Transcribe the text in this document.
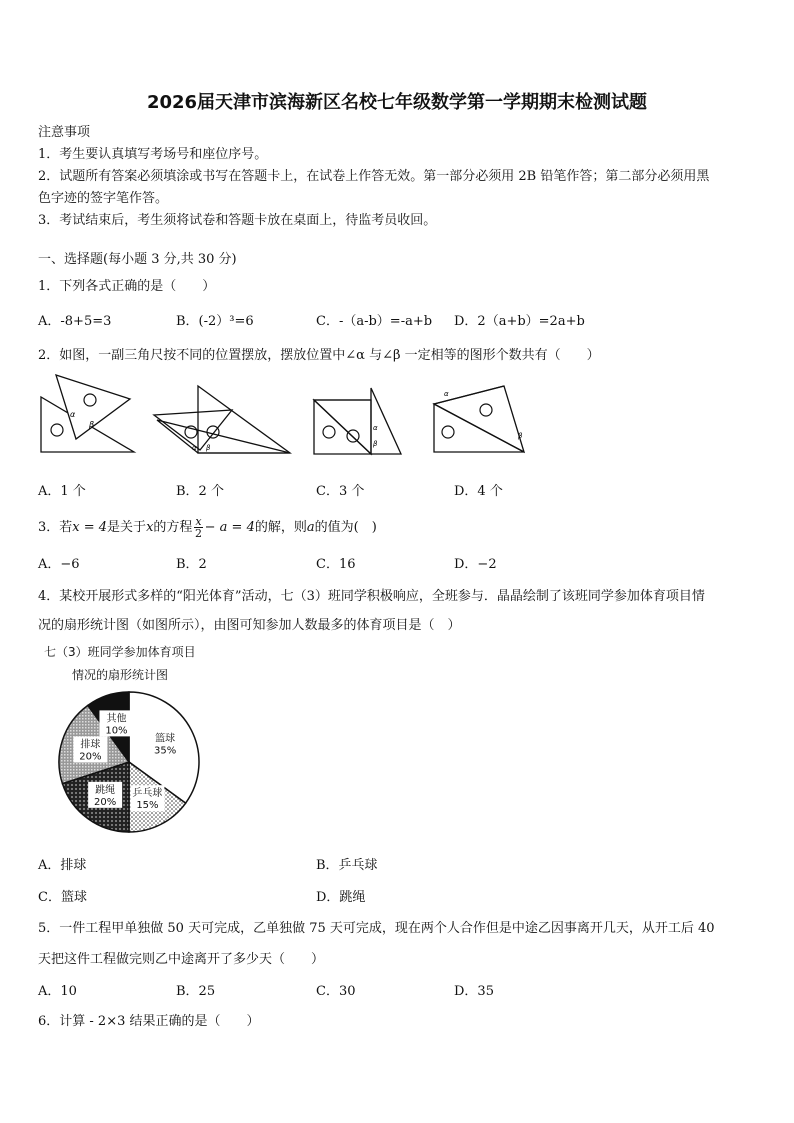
2026届天津市滨海新区名校七年级数学第一学期期末检测试题
注意事项
1．考生要认真填写考场号和座位序号。
2．试题所有答案必须填涂或书写在答题卡上，在试卷上作答无效。第一部分必须用 2B 铅笔作答；第二部分必须用黑
色字迹的签字笔作答。
3．考试结束后，考生须将试卷和答题卡放在桌面上，待监考员收回。
一、选择题(每小题 3 分,共 30 分)
1．下列各式正确的是（　　）
A．-8+5=3	B．(-2）³=6	C．-（a-b）=-a+b D．2（a+b）=2a+b
2．如图，一副三角尺按不同的位置摆放，摆放位置中∠α 与∠β 一定相等的图形个数共有（　　）
α
β
α β
α
β
α
β
A．1 个	B．2 个	C．3 个	D．4 个
3．若x = 4是关于x的方程 $\frac{x}{2} - a = 4$的解，则a的值为(　)
A．−6	B．2	C．16	D．−2
4．某校开展形式多样的“阳光体育”活动，七（3）班同学积极响应，全班参与．晶晶绘制了该班同学参加体育项目情
况的扇形统计图（如图所示），由图可知参加人数最多的体育项目是（　）
七（3）班同学参加体育项目
情况的扇形统计图
篮球
35%
乒乓球
15%
跳绳
20%
排球
20%
其他
10%
A．排球	B．乒乓球
C．篮球	D．跳绳
5．一件工程甲单独做 50 天可完成，乙单独做 75 天可完成，现在两个人合作但是中途乙因事离开几天，从开工后 40
天把这件工程做完则乙中途离开了多少天（　　）
A．10	B．25	C．30	D．35
6．计算 - 2×3 结果正确的是（　　）
